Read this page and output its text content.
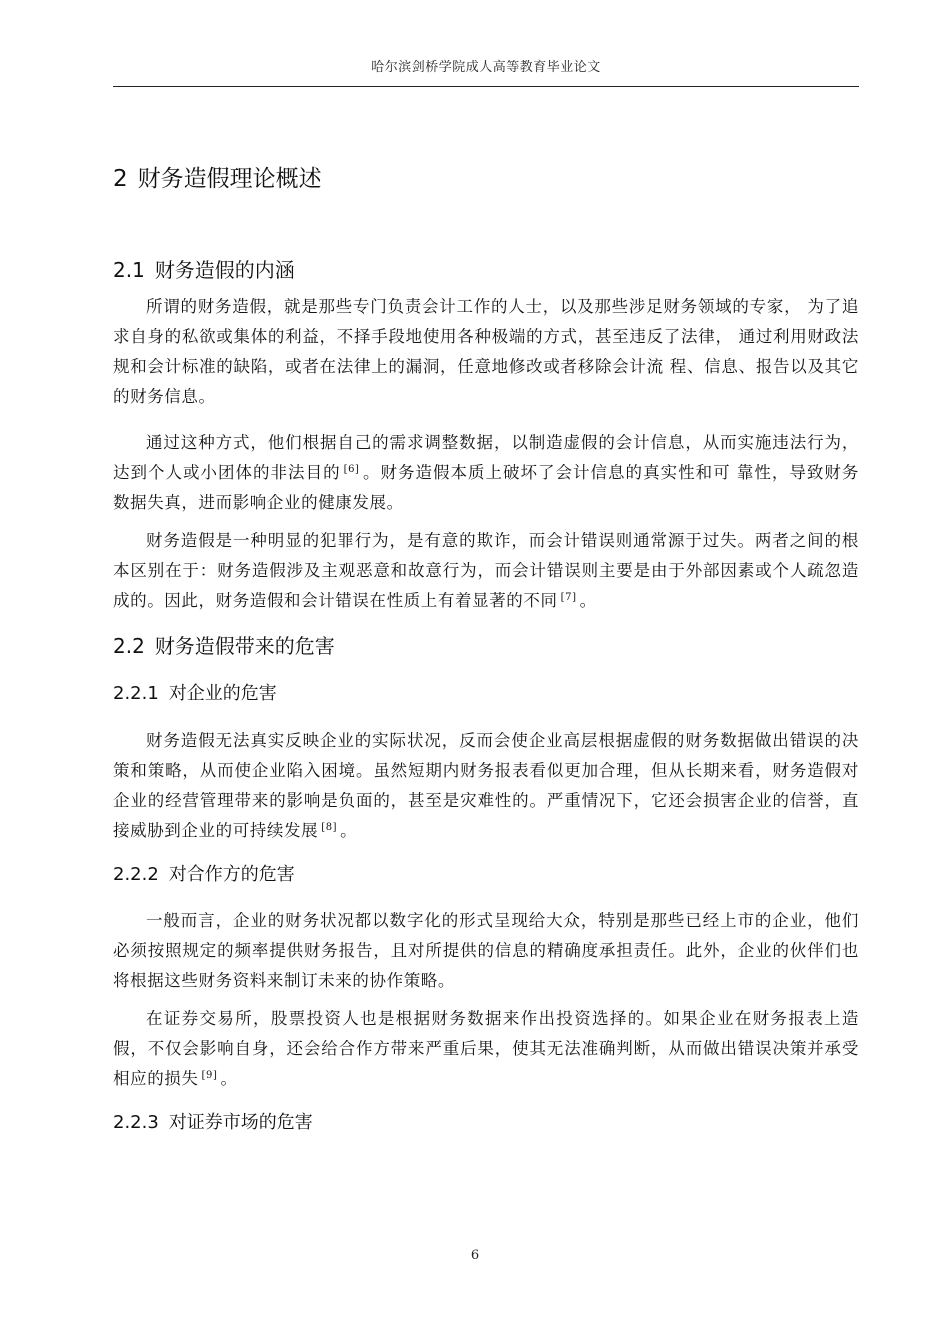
哈尔滨剑桥学院成人高等教育毕业论文
2 财务造假理论概述
2.1 财务造假的内涵

所谓的财务造假，就是那些专门负责会计工作的人士，以及那些涉足财务领域的专家， 为了追求自身的私欲或集体的利益，不择手段地使用各种极端的方式，甚至违反了法律， 通过利用财政法规和会计标准的缺陷，或者在法律上的漏洞，任意地修改或者移除会计流 程、信息、报告以及其它的财务信息。

通过这种方式，他们根据自己的需求调整数据，以制造虚假的会计信息，从而实施违法行为，达到个人或小团体的非法目的 [6] 。财务造假本质上破坏了会计信息的真实性和可 靠性，导致财务数据失真，进而影响企业的健康发展。

财务造假是一种明显的犯罪行为，是有意的欺诈，而会计错误则通常源于过失。两者之间的根本区别在于：财务造假涉及主观恶意和故意行为，而会计错误则主要是由于外部因素或个人疏忽造成的。因此，财务造假和会计错误在性质上有着显著的不同 [7] 。

2.2 财务造假带来的危害
2.2.1 对企业的危害

财务造假无法真实反映企业的实际状况，反而会使企业高层根据虚假的财务数据做出错误的决策和策略，从而使企业陷入困境。虽然短期内财务报表看似更加合理，但从长期来看，财务造假对企业的经营管理带来的影响是负面的，甚至是灾难性的。严重情况下，它还会损害企业的信誉，直接威胁到企业的可持续发展 [8] 。

2.2.2 对合作方的危害

一般而言，企业的财务状况都以数字化的形式呈现给大众，特别是那些已经上市的企业，他们必须按照规定的频率提供财务报告，且对所提供的信息的精确度承担责任。此外，企业的伙伴们也将根据这些财务资料来制订未来的协作策略。

在证券交易所，股票投资人也是根据财务数据来作出投资选择的。如果企业在财务报表上造假，不仅会影响自身，还会给合作方带来严重后果，使其无法准确判断，从而做出错误决策并承受相应的损失 [9] 。

2.2.3 对证券市场的危害
6
